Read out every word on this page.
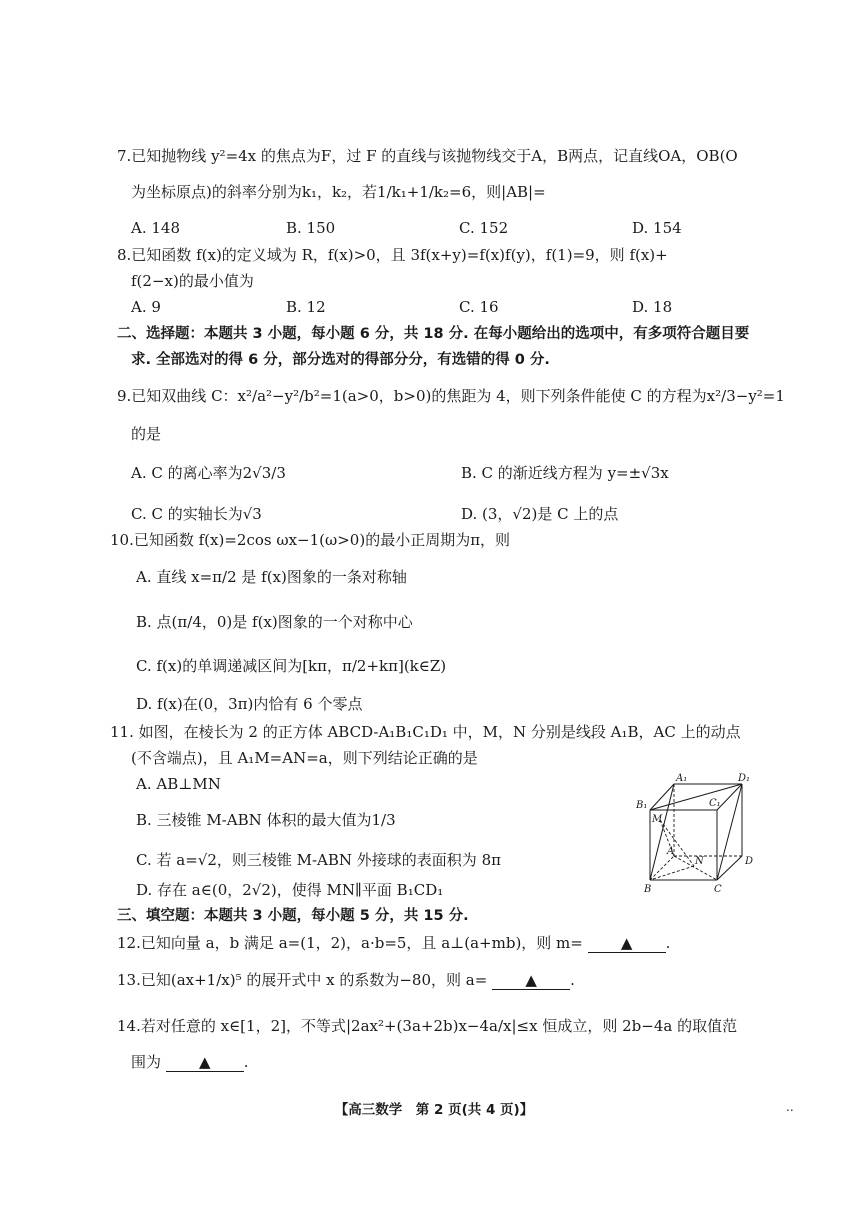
7.已知抛物线 y²=4x 的焦点为F，过 F 的直线与该抛物线交于A，B两点，记直线OA，OB(O
为坐标原点)的斜率分别为k₁，k₂，若1/k₁+1/k₂=6，则|AB|=
A. 148	B. 150	C. 152	D. 154
8.已知函数 f(x)的定义域为 R，f(x)>0，且 3f(x+y)=f(x)f(y)，f(1)=9，则 f(x)+
f(2−x)的最小值为
A. 9	B. 12	C. 16	D. 18
二、选择题：本题共 3 小题，每小题 6 分，共 18 分. 在每小题给出的选项中，有多项符合题目要
求. 全部选对的得 6 分，部分选对的得部分分，有选错的得 0 分.
9.已知双曲线 C：x²/a²−y²/b²=1(a>0，b>0)的焦距为 4，则下列条件能使 C 的方程为x²/3−y²=1
的是
A. C 的离心率为2√3/3	B. C 的渐近线方程为 y=±√3x
C. C 的实轴长为√3	D. (3，√2)是 C 上的点
10.已知函数 f(x)=2cos ωx−1(ω>0)的最小正周期为π，则
A. 直线 x=π/2 是 f(x)图象的一条对称轴
B. 点(π/4，0)是 f(x)图象的一个对称中心
C. f(x)的单调递减区间为[kπ，π/2+kπ](k∈Z)
D. f(x)在(0，3π)内恰有 6 个零点
11. 如图，在棱长为 2 的正方体 ABCD-A₁B₁C₁D₁ 中，M，N 分别是线段 A₁B，AC 上的动点
(不含端点)，且 A₁M=AN=a，则下列结论正确的是
A. AB⊥MN
B. 三棱锥 M-ABN 体积的最大值为1/3
C. 若 a=√2，则三棱锥 M-ABN 外接球的表面积为 8π
D. 存在 a∈(0，2√2)，使得 MN∥平面 B₁CD₁
A₁	D₁
B₁	C₁
M
A
N	D
B	C
三、填空题：本题共 3 小题，每小题 5 分，共 15 分.
12.已知向量 a，b 满足 a=(1，2)，a·b=5，且 a⊥(a+mb)，则 m=	▲ .
13.已知(ax+1/x)⁵ 的展开式中 x 的系数为−80，则 a=	▲ .
14.若对任意的 x∈[1，2]，不等式|2ax²+(3a+2b)x−4a/x|≤x 恒成立，则 2b−4a 的取值范
围为	▲ .
【高三数学　第 2 页(共 4 页)】	..
